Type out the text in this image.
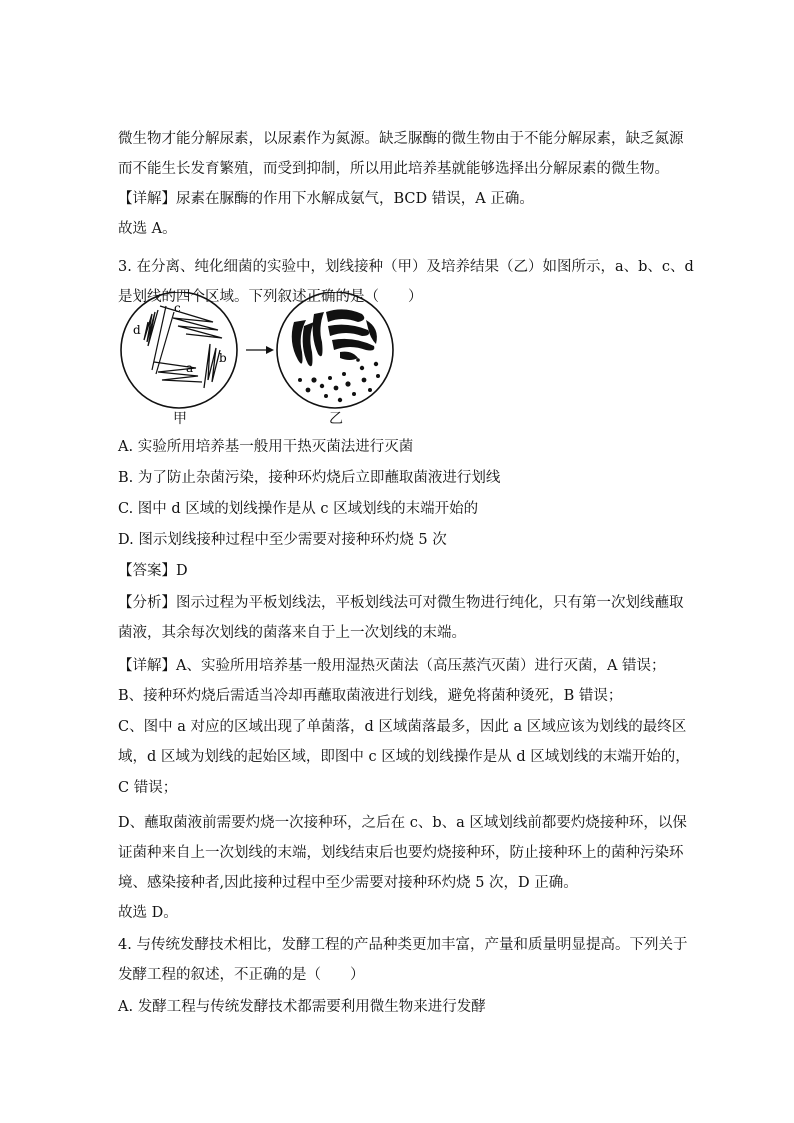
微生物才能分解尿素，以尿素作为氮源。缺乏脲酶的微生物由于不能分解尿素，缺乏氮源
而不能生长发育繁殖，而受到抑制，所以用此培养基就能够选择出分解尿素的微生物。
【详解】尿素在脲酶的作用下水解成氨气，BCD 错误，A 正确。
故选 A。
3. 在分离、纯化细菌的实验中，划线接种（甲）及培养结果（乙）如图所示，a、b、c、d
是划线的四个区域。下列叙述正确的是（　　）
d
c
b
a
甲	乙
A. 实验所用培养基一般用干热灭菌法进行灭菌
B. 为了防止杂菌污染，接种环灼烧后立即蘸取菌液进行划线
C. 图中 d 区域的划线操作是从 c 区域划线的末端开始的
D. 图示划线接种过程中至少需要对接种环灼烧 5 次
【答案】D
【分析】图示过程为平板划线法，平板划线法可对微生物进行纯化，只有第一次划线蘸取
菌液，其余每次划线的菌落来自于上一次划线的末端。
【详解】A、实验所用培养基一般用湿热灭菌法（高压蒸汽灭菌）进行灭菌，A 错误；
B、接种环灼烧后需适当冷却再蘸取菌液进行划线，避免将菌种烫死，B 错误；
C、图中 a 对应的区域出现了单菌落，d 区域菌落最多，因此 a 区域应该为划线的最终区
域，d 区域为划线的起始区域，即图中 c 区域的划线操作是从 d 区域划线的末端开始的，
C 错误；
D、蘸取菌液前需要灼烧一次接种环，之后在 c、b、a 区域划线前都要灼烧接种环，以保
证菌种来自上一次划线的末端，划线结束后也要灼烧接种环，防止接种环上的菌种污染环
境、感染接种者,因此接种过程中至少需要对接种环灼烧 5 次，D 正确。
故选 D。
4. 与传统发酵技术相比，发酵工程的产品种类更加丰富，产量和质量明显提高。下列关于
发酵工程的叙述，不正确的是（　　）
A. 发酵工程与传统发酵技术都需要利用微生物来进行发酵
